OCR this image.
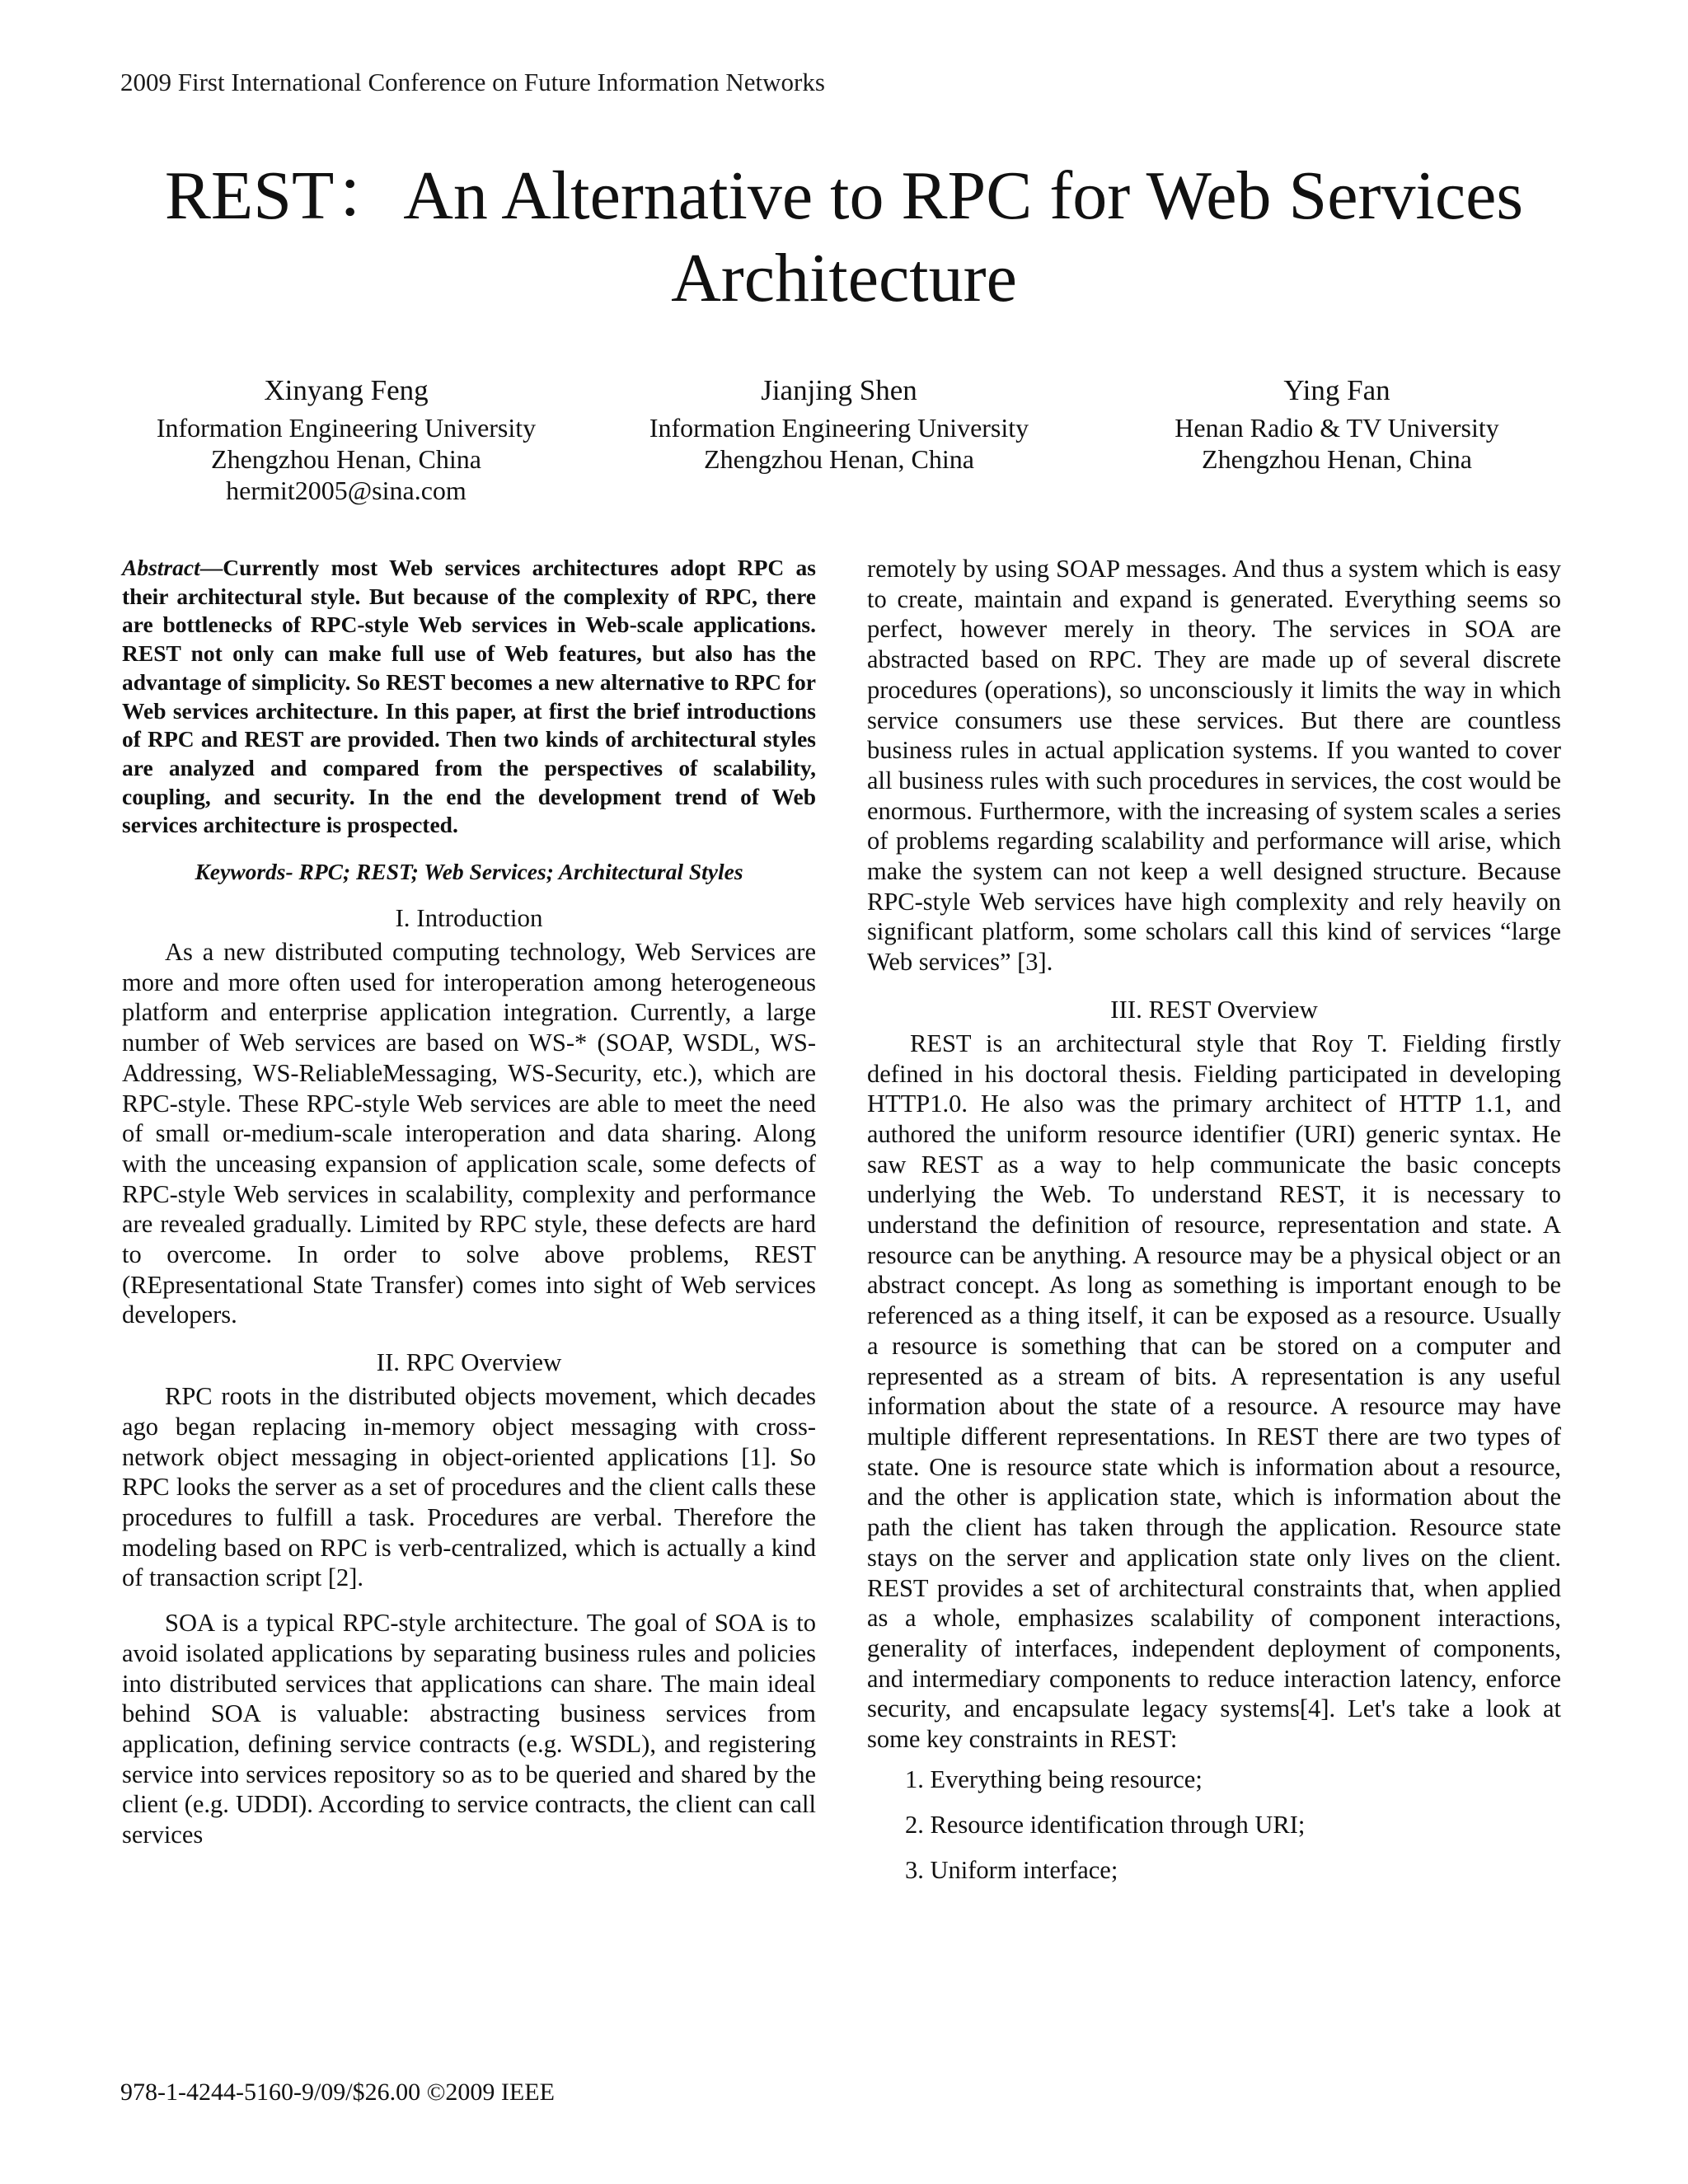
2009 First International Conference on Future Information Networks
REST：An Alternative to RPC for Web Services
Architecture
Xinyang Feng
Information Engineering University
Zhengzhou Henan, China
hermit2005@sina.com
Jianjing Shen
Information Engineering University
Zhengzhou Henan, China
Ying Fan
Henan Radio & TV University
Zhengzhou Henan, China

Abstract—Currently most Web services architectures adopt RPC as their architectural style. But because of the complexity of RPC, there are bottlenecks of RPC-style Web services in Web-scale applications. REST not only can make full use of Web features, but also has the advantage of simplicity. So REST becomes a new alternative to RPC for Web services architecture. In this paper, at first the brief introductions of RPC and REST are provided. Then two kinds of architectural styles are analyzed and compared from the perspectives of scalability, coupling, and security. In the end the development trend of Web services architecture is prospected.

Keywords- RPC; REST; Web Services; Architectural Styles

I. Introduction

As a new distributed computing technology, Web Services are more and more often used for interoperation among heterogeneous platform and enterprise application integration. Currently, a large number of Web services are based on WS-* (SOAP, WSDL, WS-Addressing, WS-ReliableMessaging, WS-Security, etc.), which are RPC-style. These RPC-style Web services are able to meet the need of small or-medium-scale interoperation and data sharing. Along with the unceasing expansion of application scale, some defects of RPC-style Web services in scalability, complexity and performance are revealed gradually. Limited by RPC style, these defects are hard to overcome. In order to solve above problems, REST (REpresentational State Transfer) comes into sight of Web services developers.

II. RPC Overview

RPC roots in the distributed objects movement, which decades ago began replacing in-memory object messaging with cross-network object messaging in object-oriented applications [1]. So RPC looks the server as a set of procedures and the client calls these procedures to fulfill a task. Procedures are verbal. Therefore the modeling based on RPC is verb-centralized, which is actually a kind of transaction script [2].

SOA is a typical RPC-style architecture. The goal of SOA is to avoid isolated applications by separating business rules and policies into distributed services that applications can share. The main ideal behind SOA is valuable: abstracting business services from application, defining service contracts (e.g. WSDL), and registering service into services repository so as to be queried and shared by the client (e.g. UDDI). According to service contracts, the client can call services

remotely by using SOAP messages. And thus a system which is easy to create, maintain and expand is generated. Everything seems so perfect, however merely in theory. The services in SOA are abstracted based on RPC. They are made up of several discrete procedures (operations), so unconsciously it limits the way in which service consumers use these services. But there are countless business rules in actual application systems. If you wanted to cover all business rules with such procedures in services, the cost would be enormous. Furthermore, with the increasing of system scales a series of problems regarding scalability and performance will arise, which make the system can not keep a well designed structure. Because RPC-style Web services have high complexity and rely heavily on significant platform, some scholars call this kind of services “large Web services” [3].

III. REST Overview

REST is an architectural style that Roy T. Fielding firstly defined in his doctoral thesis. Fielding participated in developing HTTP1.0. He also was the primary architect of HTTP 1.1, and authored the uniform resource identifier (URI) generic syntax. He saw REST as a way to help communicate the basic concepts underlying the Web. To understand REST, it is necessary to understand the definition of resource, representation and state. A resource can be anything. A resource may be a physical object or an abstract concept. As long as something is important enough to be referenced as a thing itself, it can be exposed as a resource. Usually a resource is something that can be stored on a computer and represented as a stream of bits. A representation is any useful information about the state of a resource. A resource may have multiple different representations. In REST there are two types of state. One is resource state which is information about a resource, and the other is application state, which is information about the path the client has taken through the application. Resource state stays on the server and application state only lives on the client. REST provides a set of architectural constraints that, when applied as a whole, emphasizes scalability of component interactions, generality of interfaces, independent deployment of components, and intermediary components to reduce interaction latency, enforce security, and encapsulate legacy systems[4]. Let's take a look at some key constraints in REST:

1. Everything being resource;
2. Resource identification through URI;
3. Uniform interface;
978-1-4244-5160-9/09/$26.00 ©2009 IEEE
